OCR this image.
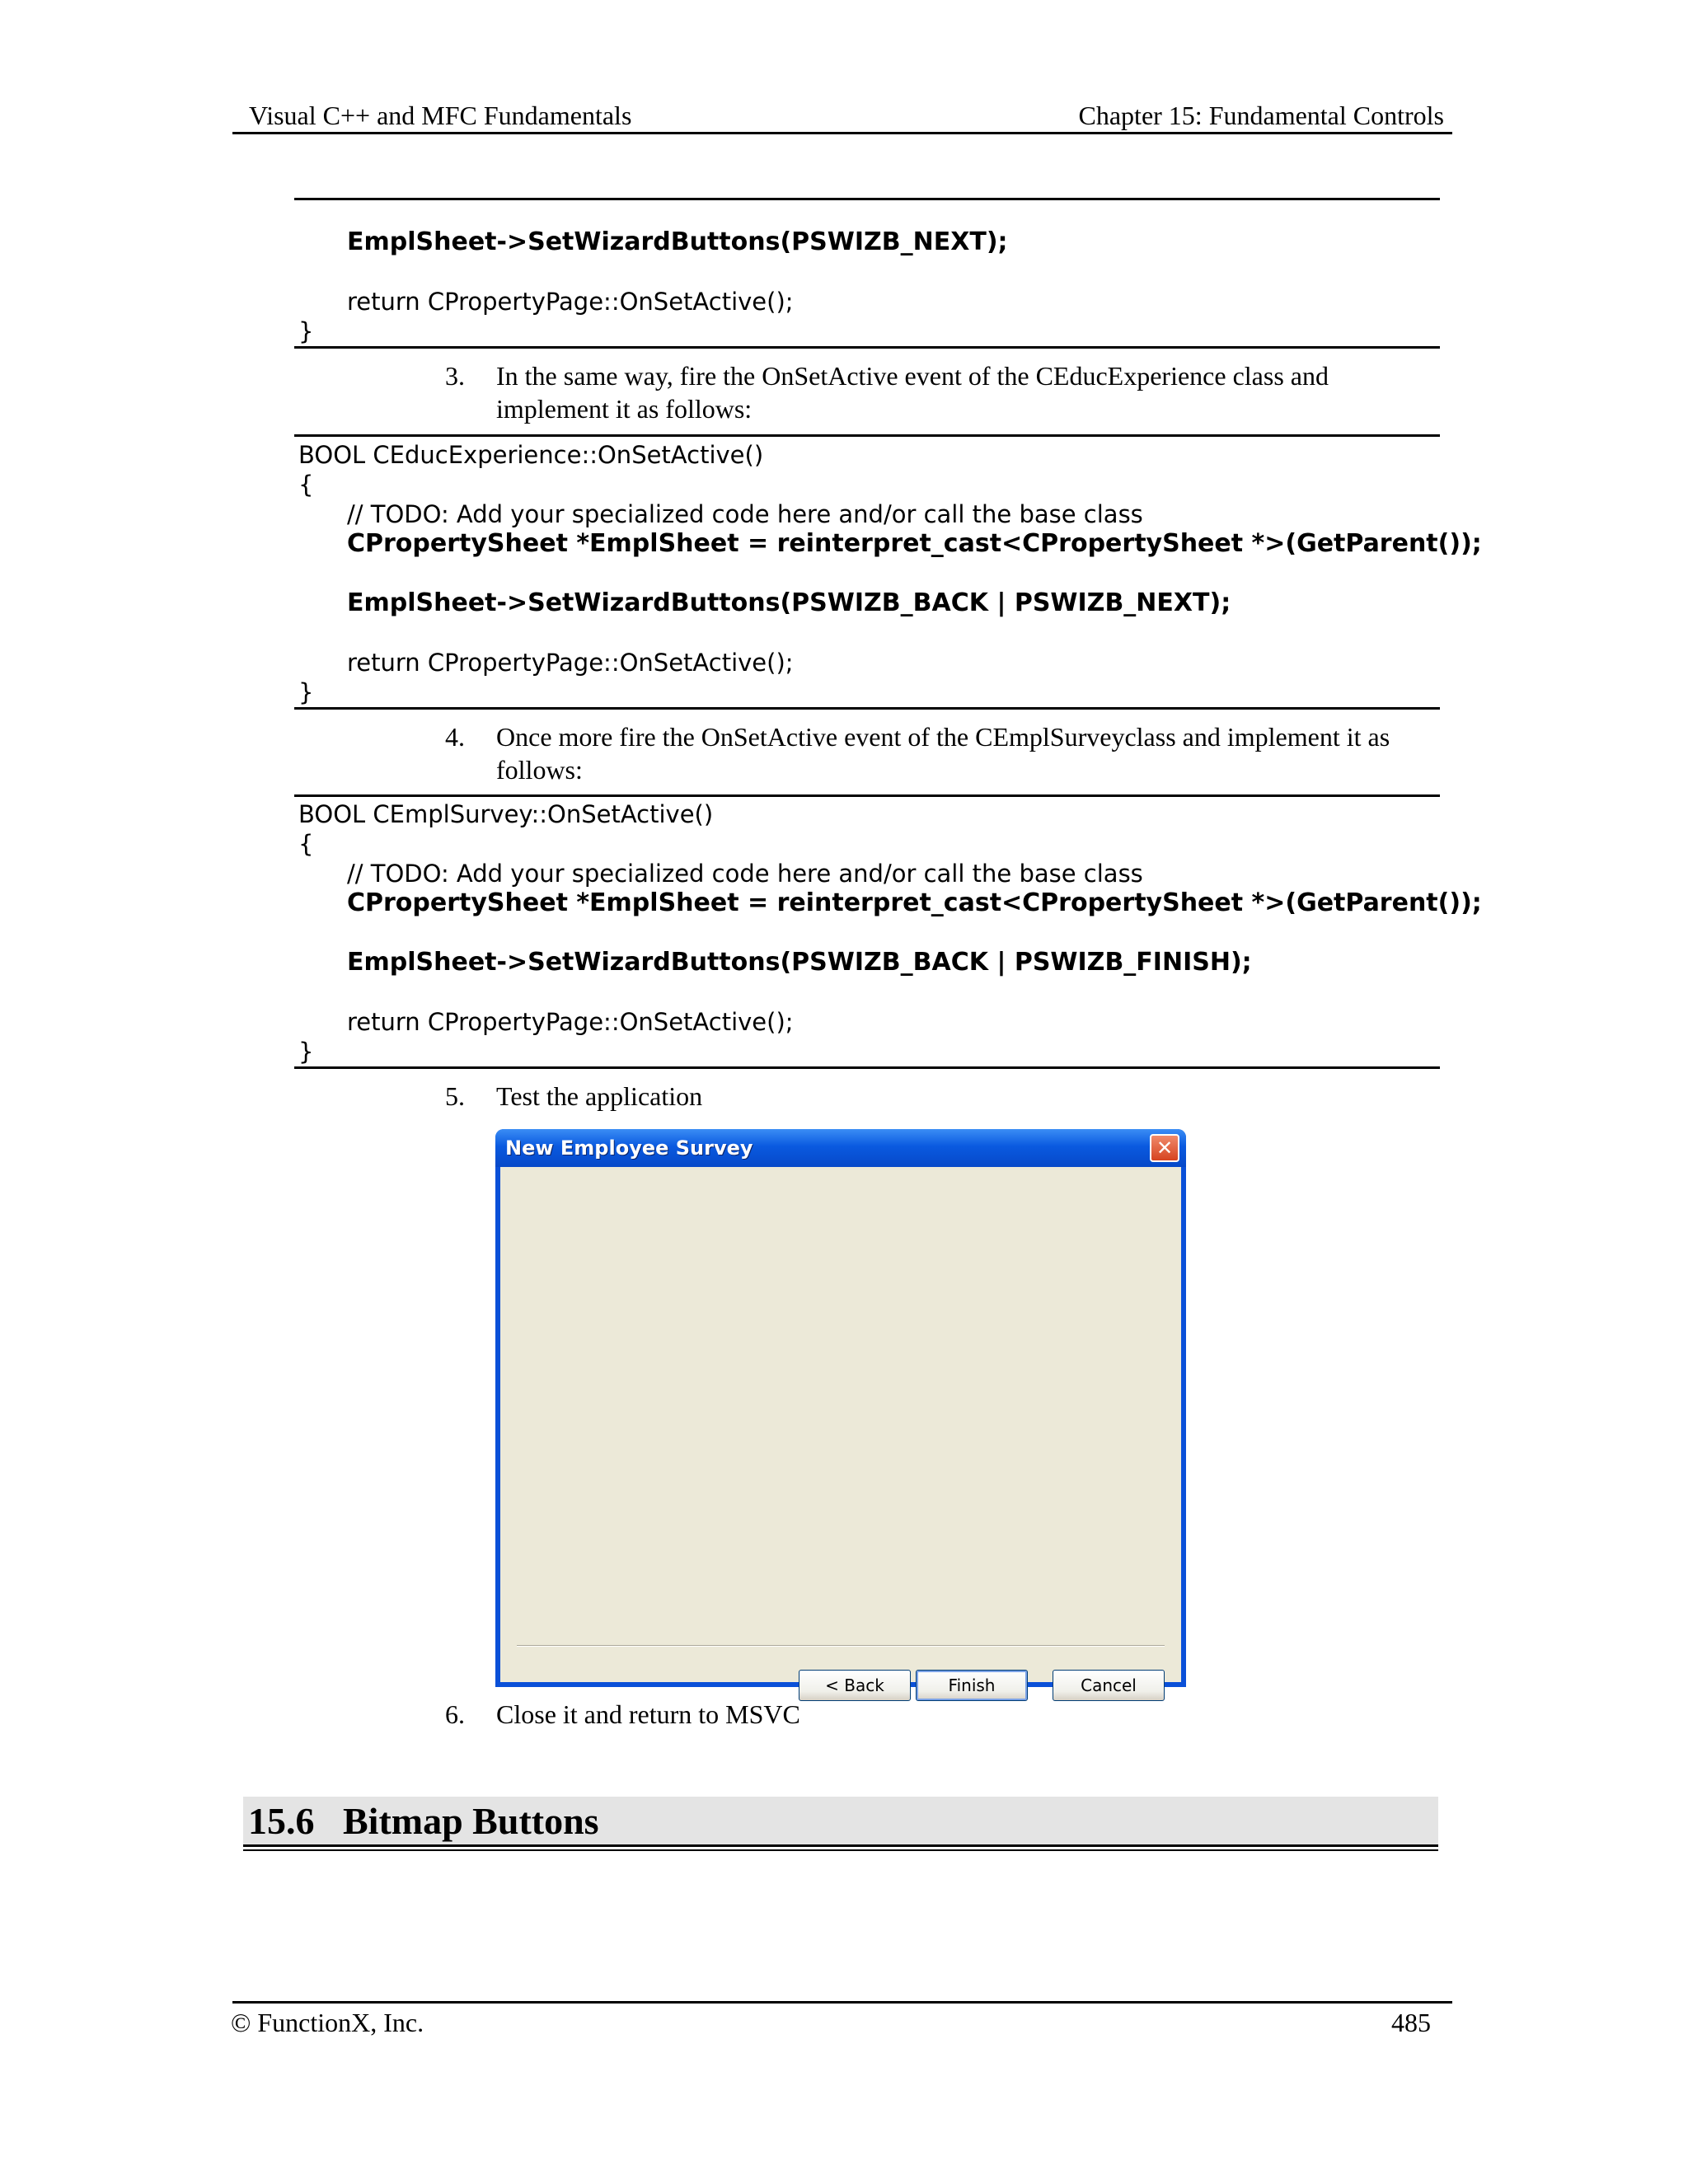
Visual C++ and MFC Fundamentals	Chapter 15: Fundamental Controls
EmplSheet->SetWizardButtons(PSWIZB_NEXT);
return CPropertyPage::OnSetActive();
}
3.	In the same way, fire the OnSetActive event of the CEducExperience class and implement it as follows:
BOOL CEducExperience::OnSetActive()
{
// TODO: Add your specialized code here and/or call the base class
CPropertySheet *EmplSheet = reinterpret_cast<CPropertySheet *>(GetParent());
EmplSheet->SetWizardButtons(PSWIZB_BACK | PSWIZB_NEXT);
return CPropertyPage::OnSetActive();
}
4.	Once more fire the OnSetActive event of the CEmplSurveyclass and implement it as follows:
BOOL CEmplSurvey::OnSetActive()
{
// TODO: Add your specialized code here and/or call the base class
CPropertySheet *EmplSheet = reinterpret_cast<CPropertySheet *>(GetParent());
EmplSheet->SetWizardButtons(PSWIZB_BACK | PSWIZB_FINISH);
return CPropertyPage::OnSetActive();
}
5.	Test the application
New Employee Survey	✕
< Back	Finish	Cancel
6.	Close it and return to MSVC
15.6   Bitmap Buttons
© FunctionX, Inc.	485
